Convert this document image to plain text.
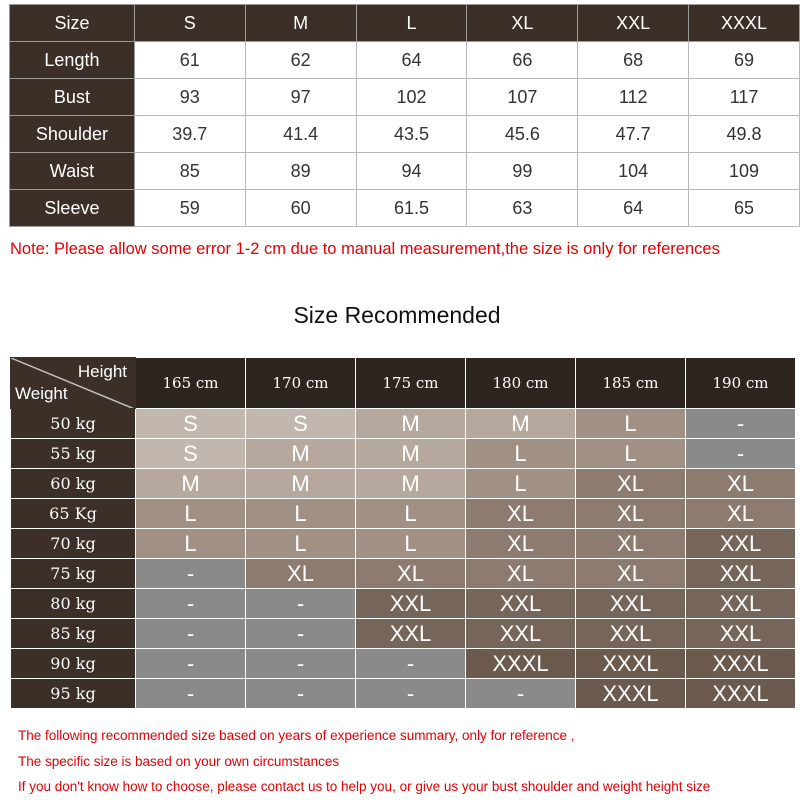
Size	S	M	L	XL	XXL	XXXL
Length	61	62	64	66	68	69
Bust	93	97	102	107	112	117
Shoulder	39.7	41.4	43.5	45.6	47.7	49.8
Waist	85	89	94	99	104	109
Sleeve	59	60	61.5	63	64	65
Note: Please allow some error 1-2 cm due to manual measurement,the size is only for references
Size Recommended
Height
Weight	165 cm	170 cm	175 cm	180 cm	185 cm	190 cm
50 kg	S	S	M	M	L	-
55 kg	S	M	M	L	L	-
60 kg	M	M	M	L	XL	XL
65 Kg	L	L	L	XL	XL	XL
70 kg	L	L	L	XL	XL	XXL
75 kg	-	XL	XL	XL	XL	XXL
80 kg	-	-	XXL	XXL	XXL	XXL
85 kg	-	-	XXL	XXL	XXL	XXL
90 kg	-	-	-	XXXL	XXXL	XXXL
95 kg	-	-	-	-	XXXL	XXXL
The following recommended size based on years of experience summary, only for reference ,
The specific size is based on your own circumstances
If you don't know how to choose, please contact us to help you, or give us your bust shoulder and weight height size
